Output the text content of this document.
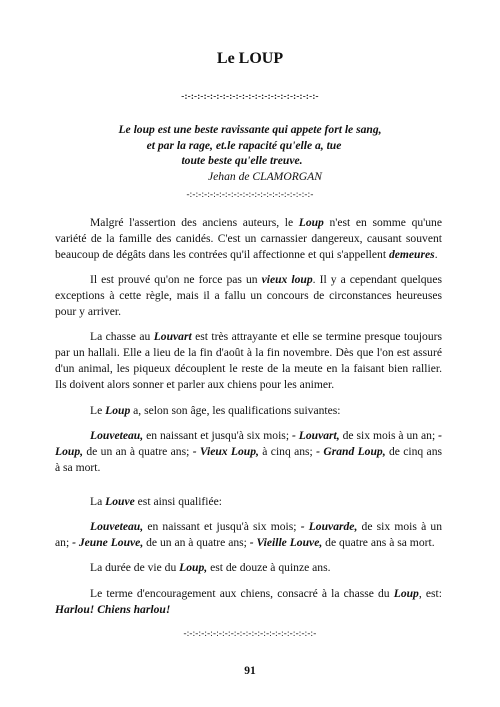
Le LOUP
-:-:-:-:-:-:-:-:-:-:-:-:-:-:-:-:-:-:-:-:-:-
Le loup est une beste ravissante qui appete fort le sang,
et par la rage, et.le rapacité qu'elle a, tue
toute beste qu'elle treuve.
Jehan de CLAMORGAN
-:-:-:-:-:-:-:-:-:-:-:-:-:-:-:-:-:-:-:-:-:-

Malgré l'assertion des anciens auteurs, le Loup n'est en somme qu'une variété de la famille des canidés. C'est un carnassier dangereux, causant souvent beaucoup de dégâts dans les contrées qu'il affectionne et qui s'appellent demeures.

Il est prouvé qu'on ne force pas un vieux loup. Il y a cependant quelques exceptions à cette règle, mais il a fallu un concours de circonstances heureuses pour y arriver.

La chasse au Louvart est très attrayante et elle se termine presque toujours par un hallali. Elle a lieu de la fin d'août à la fin novembre. Dès que l'on est assuré d'un animal, les piqueux découplent le reste de la meute en la faisant bien rallier. Ils doivent alors sonner et parler aux chiens pour les animer.

Le Loup a, selon son âge, les qualifications suivantes:

Louveteau, en naissant et jusqu'à six mois; - Louvart, de six mois à un an; - Loup, de un an à quatre ans; - Vieux Loup, à cinq ans; - Grand Loup, de cinq ans à sa mort.

La Louve est ainsi qualifiée:

Louveteau, en naissant et jusqu'à six mois; - Louvarde, de six mois à un an; - Jeune Louve, de un an à quatre ans; - Vieille Louve, de quatre ans à sa mort.

La durée de vie du Loup, est de douze à quinze ans.

Le terme d'encouragement aux chiens, consacré à la chasse du Loup, est: Harlou! Chiens harlou!

-:-:-:-:-:-:-:-:-:-:-:-:-:-:-:-:-:-:-:-:-:-:-
91
